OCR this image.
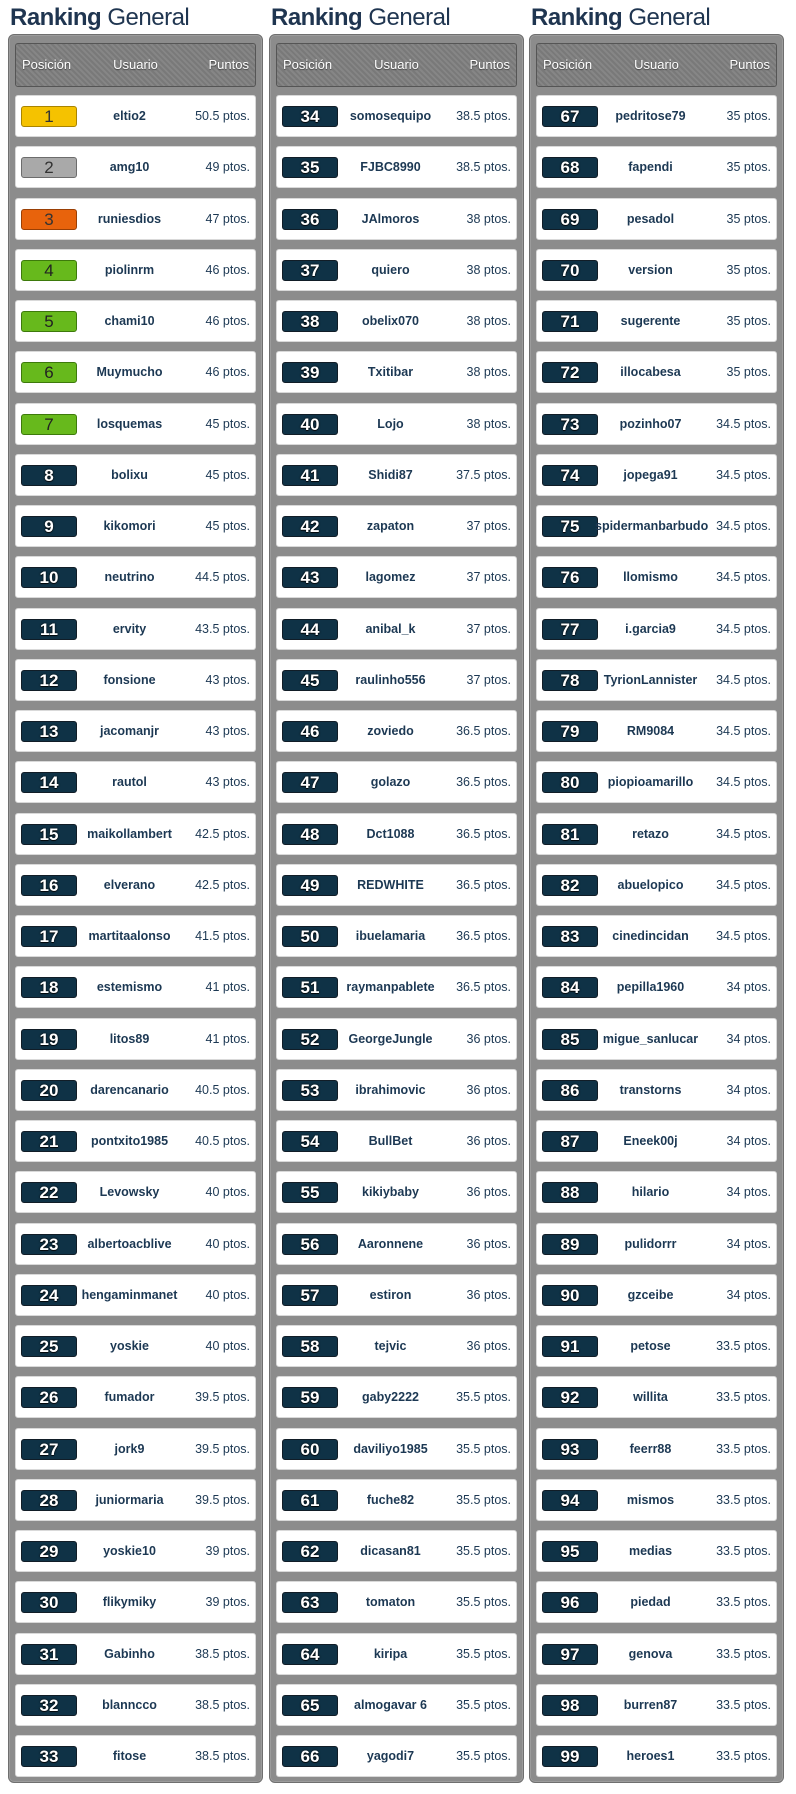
Ranking General
Usuario
Posición	Puntos
1	eltio2	50.5 ptos.
2	amg10	49 ptos.
3	runiesdios	47 ptos.
4	piolinrm	46 ptos.
5	chami10	46 ptos.
6	Muymucho	46 ptos.
7	losquemas	45 ptos.
8	bolixu	45 ptos.
9	kikomori	45 ptos.
10	neutrino	44.5 ptos.
11	ervity	43.5 ptos.
12	fonsione	43 ptos.
13	jacomanjr	43 ptos.
14	rautol	43 ptos.
15	maikollambert	42.5 ptos.
16	elverano	42.5 ptos.
17	martitaalonso	41.5 ptos.
18	estemismo	41 ptos.
19	litos89	41 ptos.
20	darencanario	40.5 ptos.
21	pontxito1985	40.5 ptos.
22	Levowsky	40 ptos.
23	albertoacblive	40 ptos.
24	hengaminmanet	40 ptos.
25	yoskie	40 ptos.
26	fumador	39.5 ptos.
27	jork9	39.5 ptos.
28	juniormaria	39.5 ptos.
29	yoskie10	39 ptos.
30	flikymiky	39 ptos.
31	Gabinho	38.5 ptos.
32	blanncco	38.5 ptos.
33	fitose	38.5 ptos.
Ranking General
Usuario
Posición	Puntos
34	somosequipo	38.5 ptos.
35	FJBC8990	38.5 ptos.
36	JAlmoros	38 ptos.
37	quiero	38 ptos.
38	obelix070	38 ptos.
39	Txitibar	38 ptos.
40	Lojo	38 ptos.
41	Shidi87	37.5 ptos.
42	zapaton	37 ptos.
43	lagomez	37 ptos.
44	anibal_k	37 ptos.
45	raulinho556	37 ptos.
46	zoviedo	36.5 ptos.
47	golazo	36.5 ptos.
48	Dct1088	36.5 ptos.
49	REDWHITE	36.5 ptos.
50	ibuelamaria	36.5 ptos.
51	raymanpablete	36.5 ptos.
52	GeorgeJungle	36 ptos.
53	ibrahimovic	36 ptos.
54	BullBet	36 ptos.
55	kikiybaby	36 ptos.
56	Aaronnene	36 ptos.
57	estiron	36 ptos.
58	tejvic	36 ptos.
59	gaby2222	35.5 ptos.
60	daviliyo1985	35.5 ptos.
61	fuche82	35.5 ptos.
62	dicasan81	35.5 ptos.
63	tomaton	35.5 ptos.
64	kiripa	35.5 ptos.
65	almogavar 6	35.5 ptos.
66	yagodi7	35.5 ptos.
Ranking General
Usuario
Posición	Puntos
67	pedritose79	35 ptos.
68	fapendi	35 ptos.
69	pesadol	35 ptos.
70	version	35 ptos.
71	sugerente	35 ptos.
72	illocabesa	35 ptos.
73	pozinho07	34.5 ptos.
74	jopega91	34.5 ptos.
75	spidermanbarbudo 34.5 ptos.
76	llomismo	34.5 ptos.
77	i.garcia9	34.5 ptos.
78	TyrionLannister	34.5 ptos.
79	RM9084	34.5 ptos.
80	piopioamarillo	34.5 ptos.
81	retazo	34.5 ptos.
82	abuelopico	34.5 ptos.
83	cinedincidan	34.5 ptos.
84	pepilla1960	34 ptos.
85	migue_sanlucar	34 ptos.
86	transtorns	34 ptos.
87	Eneek00j	34 ptos.
88	hilario	34 ptos.
89	pulidorrr	34 ptos.
90	gzceibe	34 ptos.
91	petose	33.5 ptos.
92	willita	33.5 ptos.
93	feerr88	33.5 ptos.
94	mismos	33.5 ptos.
95	medias	33.5 ptos.
96	piedad	33.5 ptos.
97	genova	33.5 ptos.
98	burren87	33.5 ptos.
99	heroes1	33.5 ptos.
